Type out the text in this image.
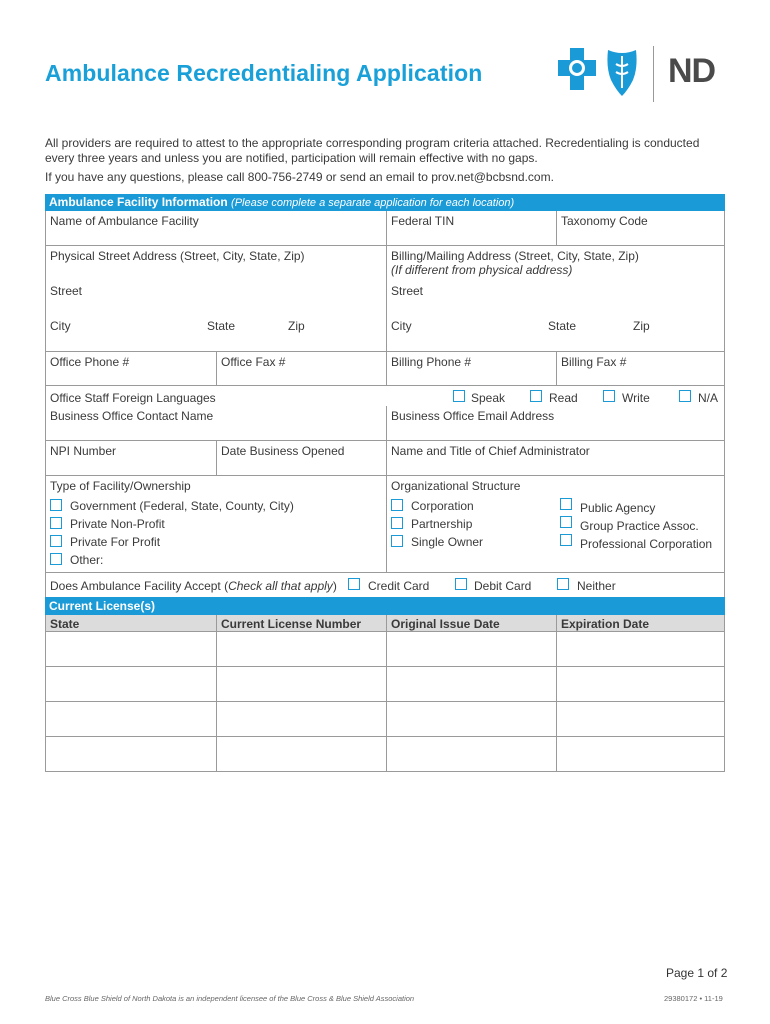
Ambulance Recredentialing Application	ND

All providers are required to attest to the appropriate corresponding program criteria attached. Recredentialing is conducted every three years and unless you are notified, participation will remain effective with no gaps.

If you have any questions, please call 800-756-2749 or send an email to prov.net@bcbsnd.com.

Ambulance Facility Information (Please complete a separate application for each location)
Name of Ambulance Facility	Federal TIN	Taxonomy Code
Physical Street Address (Street, City, State, Zip)
Street
City	State	Zip
Billing/Mailing Address (Street, City, State, Zip)
(If different from physical address)
Street
City	State	Zip
Office Phone #	Office Fax #	Billing Phone #	Billing Fax #
Office Staff Foreign Languages	Speak	Read	Write	N/A
Business Office Contact Name	Business Office Email Address
NPI Number	Date Business Opened	Name and Title of Chief Administrator
Type of Facility/Ownership
Government (Federal, State, County, City)
Private Non-Profit
Private For Profit
Other:
Organizational Structure
Corporation
Partnership
Single Owner
Public Agency
Group Practice Assoc.
Professional Corporation
Does Ambulance Facility Accept (Check all that apply)	Credit Card	Debit Card	Neither
Current License(s)
State	Current License Number	Original Issue Date	Expiration Date
Page 1 of 2
Blue Cross Blue Shield of North Dakota is an independent licensee of the Blue Cross & Blue Shield Association	29380172 • 11-19
